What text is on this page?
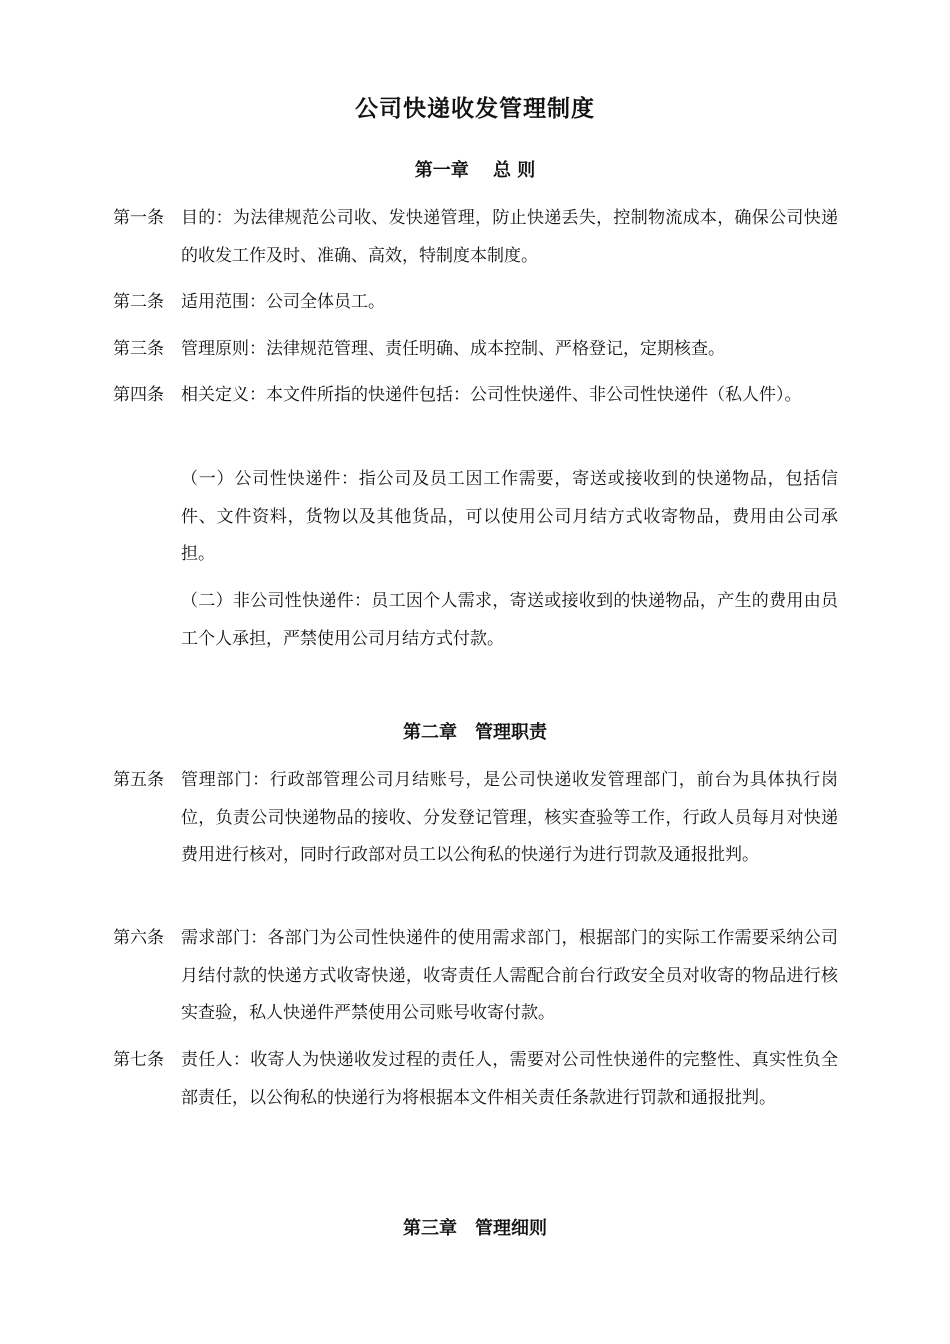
公司快递收发管理制度
第一章　 总 则
第一条	目的：为法律规范公司收、发快递管理，防止快递丢失，控制物流成本，确保公司快递的收发工作及时、准确、高效，特制度本制度。
第二条	适用范围：公司全体员工。
第三条	管理原则：法律规范管理、责任明确、成本控制、严格登记，定期核查。
第四条	相关定义：本文件所指的快递件包括：公司性快递件、非公司性快递件（私人件）。
（一）公司性快递件：指公司及员工因工作需要，寄送或接收到的快递物品，包括信件、文件资料，货物以及其他货品，可以使用公司月结方式收寄物品，费用由公司承担。
（二）非公司性快递件：员工因个人需求，寄送或接收到的快递物品，产生的费用由员工个人承担，严禁使用公司月结方式付款。
第二章　管理职责
第五条	管理部门：行政部管理公司月结账号，是公司快递收发管理部门，前台为具体执行岗位，负责公司快递物品的接收、分发登记管理，核实查验等工作，行政人员每月对快递费用进行核对，同时行政部对员工以公徇私的快递行为进行罚款及通报批判。
第六条	需求部门：各部门为公司性快递件的使用需求部门，根据部门的实际工作需要采纳公司月结付款的快递方式收寄快递，收寄责任人需配合前台行政安全员对收寄的物品进行核实查验，私人快递件严禁使用公司账号收寄付款。
第七条	责任人：收寄人为快递收发过程的责任人，需要对公司性快递件的完整性、真实性负全部责任，以公徇私的快递行为将根据本文件相关责任条款进行罚款和通报批判。
第三章　管理细则
